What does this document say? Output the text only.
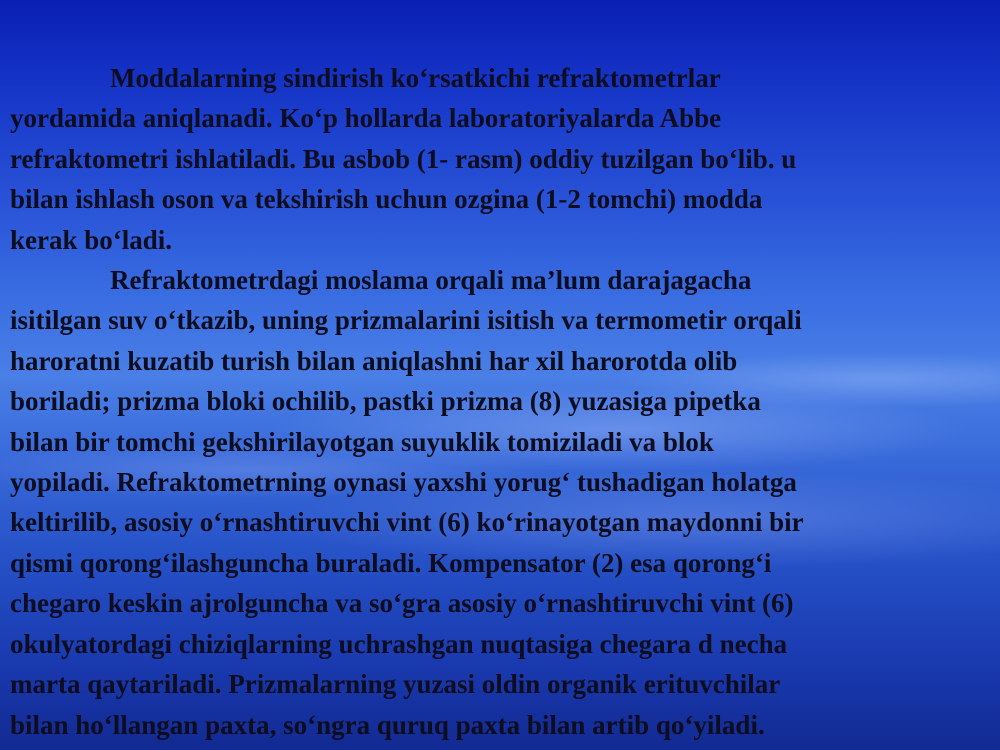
Moddalarning sindirish ko‘rsatkichi refraktometrlar
yordamida aniqlanadi. Ko‘p hollarda laboratoriyalarda Abbe
refraktometri ishlatiladi. Bu asbob (1- rasm) oddiy tuzilgan bo‘lib. u
bilan ishlash oson va tekshirish uchun ozgina (1-2 tomchi) modda
kerak bo‘ladi.
Refraktometrdagi moslama orqali ma’lum darajagacha
isitilgan suv o‘tkazib, uning prizmalarini isitish va termometir orqali
haroratni kuzatib turish bilan aniqlashni har xil harorotda olib
boriladi; prizma bloki ochilib, pastki prizma (8) yuzasiga pipetka
bilan bir tomchi gekshirilayotgan suyuklik tomiziladi va blok
yopiladi. Refraktometrning oynasi yaxshi yorug‘ tushadigan holatga
keltirilib, asosiy o‘rnashtiruvchi vint (6) ko‘rinayotgan maydonni bir
qismi qorong‘ilashguncha buraladi. Kompensator (2) esa qorong‘i
chegaro keskin ajrolguncha va so‘gra asosiy o‘rnashtiruvchi vint (6)
okulyatordagi chiziqlarning uchrashgan nuqtasiga chegara d necha
marta qaytariladi. Prizmalarning yuzasi oldin organik erituvchilar
bilan ho‘llangan paxta, so‘ngra quruq paxta bilan artib qo‘yiladi.
